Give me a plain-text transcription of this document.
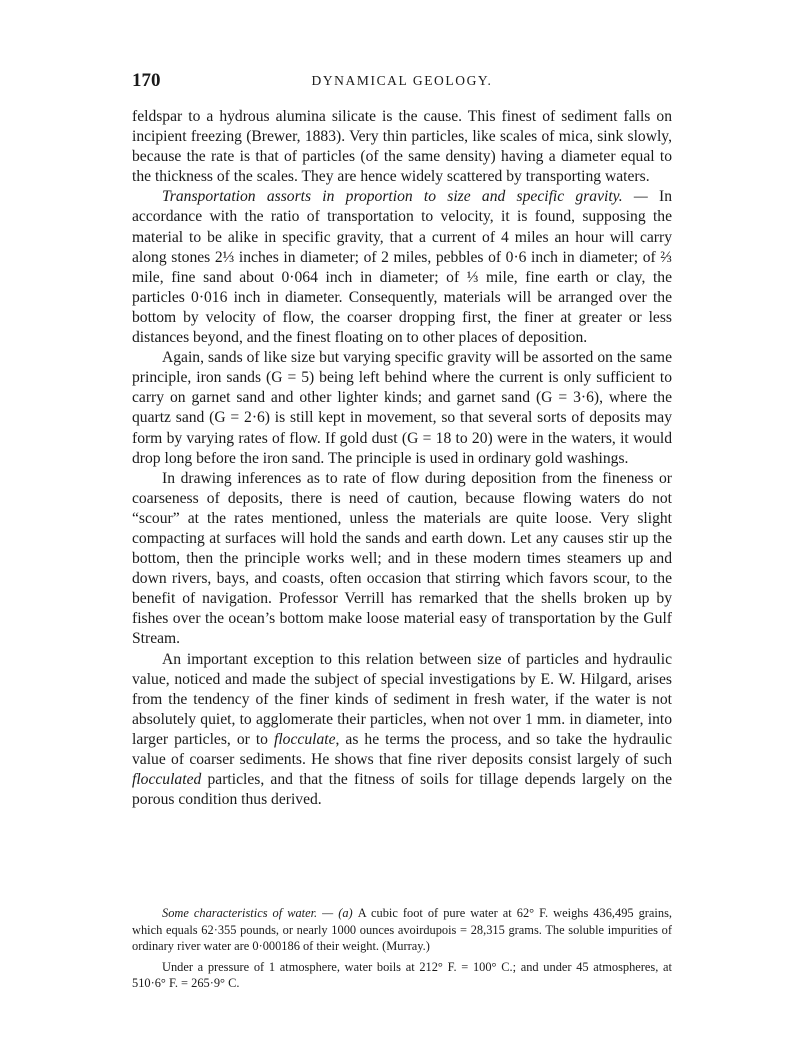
170	DYNAMICAL GEOLOGY.

feldspar to a hydrous alumina silicate is the cause. This finest of sediment falls on incipient freezing (Brewer, 1883). Very thin particles, like scales of mica, sink slowly, because the rate is that of particles (of the same density) having a diameter equal to the thickness of the scales. They are hence widely scattered by transporting waters.

Transportation assorts in proportion to size and specific gravity. — In accordance with the ratio of transportation to velocity, it is found, supposing the material to be alike in specific gravity, that a current of 4 miles an hour will carry along stones 2⅓ inches in diameter; of 2 miles, pebbles of 0·6 inch in diameter; of ⅔ mile, fine sand about 0·064 inch in diameter; of ⅓ mile, fine earth or clay, the particles 0·016 inch in diameter. Consequently, materials will be arranged over the bottom by velocity of flow, the coarser dropping first, the finer at greater or less distances beyond, and the finest floating on to other places of deposition.

Again, sands of like size but varying specific gravity will be assorted on the same principle, iron sands (G = 5) being left behind where the current is only sufficient to carry on garnet sand and other lighter kinds; and garnet sand (G = 3·6), where the quartz sand (G = 2·6) is still kept in movement, so that several sorts of deposits may form by varying rates of flow. If gold dust (G = 18 to 20) were in the waters, it would drop long before the iron sand. The principle is used in ordinary gold washings.

In drawing inferences as to rate of flow during deposition from the fineness or coarseness of deposits, there is need of caution, because flowing waters do not “scour” at the rates mentioned, unless the materials are quite loose. Very slight compacting at surfaces will hold the sands and earth down. Let any causes stir up the bottom, then the principle works well; and in these modern times steamers up and down rivers, bays, and coasts, often occasion that stirring which favors scour, to the benefit of navigation. Professor Verrill has remarked that the shells broken up by fishes over the ocean’s bottom make loose material easy of transportation by the Gulf Stream.

An important exception to this relation between size of particles and hydraulic value, noticed and made the subject of special investigations by E. W. Hilgard, arises from the tendency of the finer kinds of sediment in fresh water, if the water is not absolutely quiet, to agglomerate their particles, when not over 1 mm. in diameter, into larger particles, or to flocculate, as he terms the process, and so take the hydraulic value of coarser sediments. He shows that fine river deposits consist largely of such flocculated particles, and that the fitness of soils for tillage depends largely on the porous condition thus derived.

Some characteristics of water. — (a) A cubic foot of pure water at 62° F. weighs 436,495 grains, which equals 62·355 pounds, or nearly 1000 ounces avoirdupois = 28,315 grams. The soluble impurities of ordinary river water are 0·000186 of their weight. (Murray.)

Under a pressure of 1 atmosphere, water boils at 212° F. = 100° C.; and under 45 atmospheres, at 510·6° F. = 265·9° C.
